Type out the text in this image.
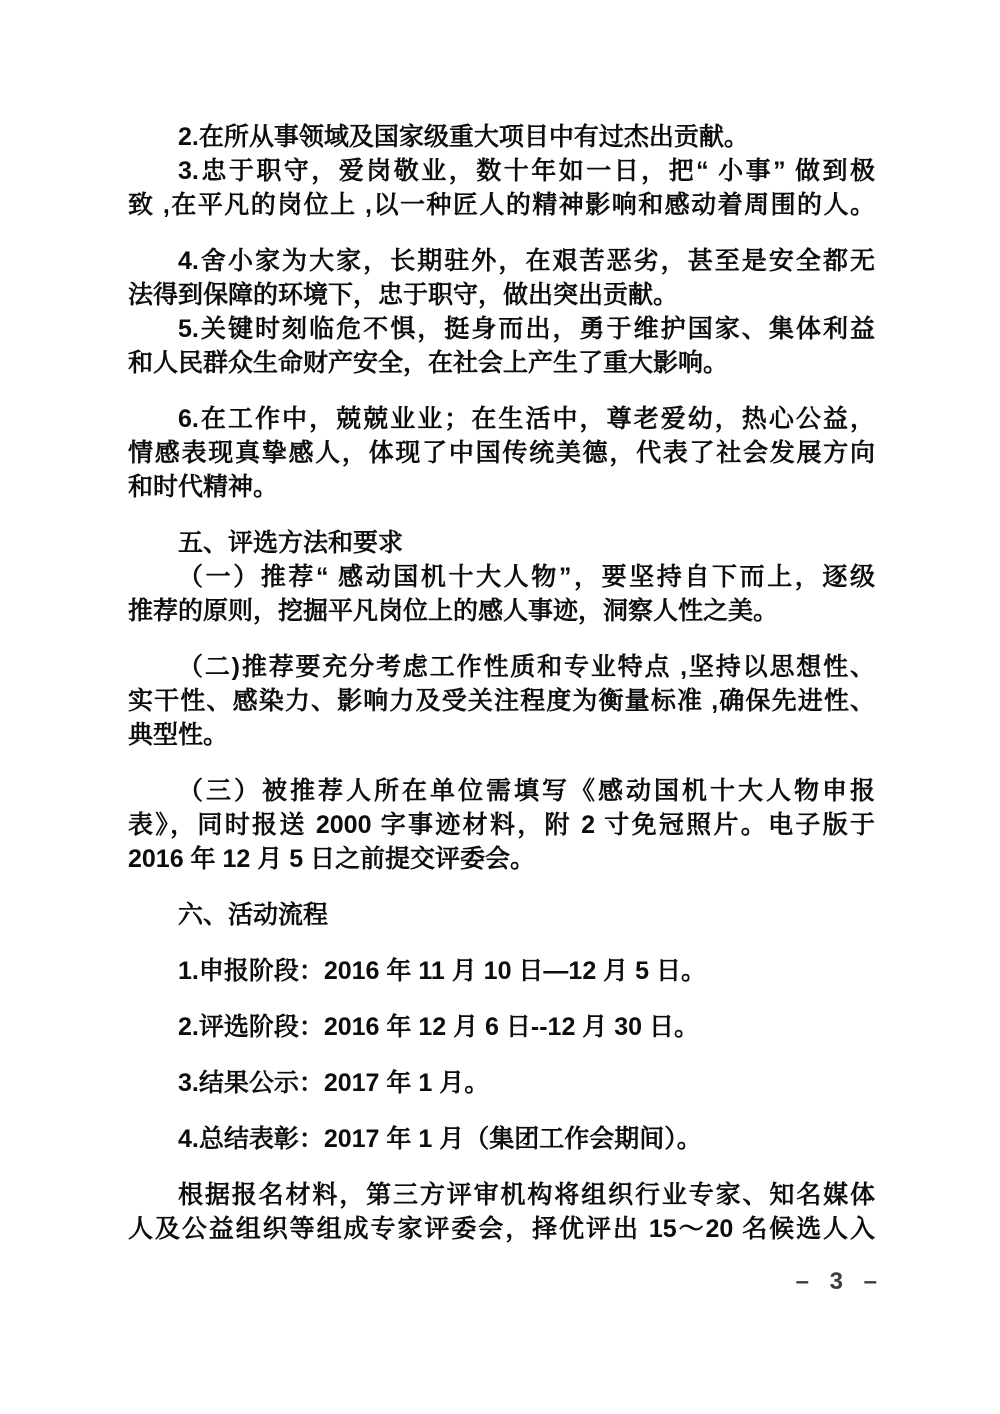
2.在所从事领域及国家级重大项目中有过杰出贡献。
3.忠于职守，爱岗敬业，数十年如一日，把“ 小事” 做到极
致 ,在平凡的岗位上 ,以一种匠人的精神影响和感动着周围的人。
4.舍小家为大家，长期驻外，在艰苦恶劣，甚至是安全都无
法得到保障的环境下，忠于职守，做出突出贡献。
5.关键时刻临危不惧，挺身而出，勇于维护国家、集体利益
和人民群众生命财产安全，在社会上产生了重大影响。
6.在工作中，兢兢业业；在生活中，尊老爱幼，热心公益，
情感表现真挚感人，体现了中国传统美德，代表了社会发展方向
和时代精神。
五、评选方法和要求
（一）推荐“ 感动国机十大人物”，要坚持自下而上，逐级
推荐的原则，挖掘平凡岗位上的感人事迹，洞察人性之美。
（二)推荐要充分考虑工作性质和专业特点 ,坚持以思想性、
实干性、感染力、影响力及受关注程度为衡量标准 ,确保先进性、
典型性。
（三）被推荐人所在单位需填写《感动国机十大人物申报
表》，同时报送 2000 字事迹材料，附 2 寸免冠照片。电子版于
2016 年 12 月 5 日之前提交评委会。
六、活动流程
1.申报阶段：2016 年 11 月 10 日—12 月 5 日。
2.评选阶段：2016 年 12 月 6 日--12 月 30 日。
3.结果公示：2017 年 1 月。
4.总结表彰：2017 年 1 月（集团工作会期间）。
根据报名材料，第三方评审机构将组织行业专家、知名媒体
人及公益组织等组成专家评委会，择优评出 15～20 名候选人入
– 3 –
